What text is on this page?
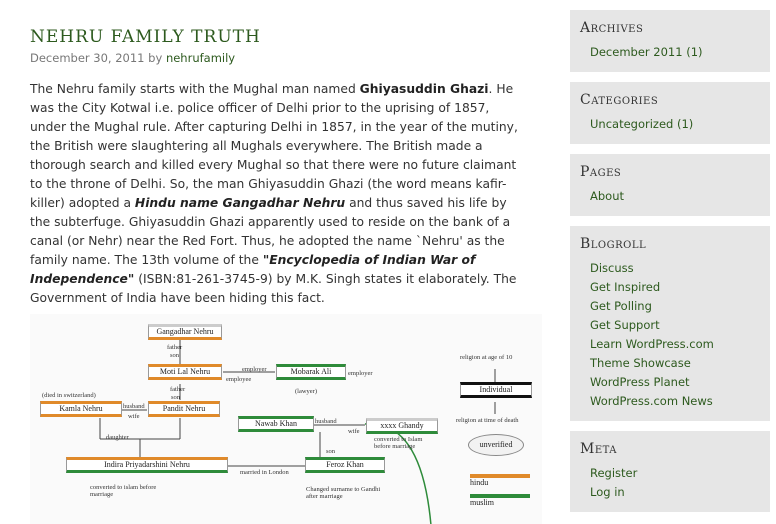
NEHRU FAMILY TRUTH
December 30, 2011 by nehrufamily
The Nehru family starts with the Mughal man named Ghiyasuddin Ghazi. He was the City Kotwal i.e. police officer of Delhi prior to the uprising of 1857, under the Mughal rule. After capturing Delhi in 1857, in the year of the mutiny, the British were slaughtering all Mughals everywhere. The British made a thorough search and killed every Mughal so that there were no future claimant to the throne of Delhi. So, the man Ghiyasuddin Ghazi (the word means kafir-killer) adopted a Hindu name Gangadhar Nehru and thus saved his life by the subterfuge. Ghiyasuddin Ghazi apparently used to reside on the bank of a canal (or Nehr) near the Red Fort. Thus, he adopted the name `Nehru' as the family name. The 13th volume of the "Encyclopedia of Indian War of Independence" (ISBN:81-261-3745-9) by M.K. Singh states it elaborately. The Government of India have been hiding this fact.
Gangadhar Nehru
father
son
Moti Lal Nehru	employer
employee
Mobarak Ali	employer
(lawyer)
father
son
(died in switzerland)
Kamla Nehru	husband
wife
Pandit Nehru
daughter
Nawab Khan	husband
wife
xxxx Ghandy
converted to Islam before marriage
son
Indira Priyadarshini Nehru
married in London
Feroz Khan
converted to islam before marriage
Changed surname to Gandhi after marriage
religion at age of 10
Individual
religion at time of death
unverified
hindu
muslim
Archives
December 2011 (1)
Categories
Uncategorized (1)
Pages
About
Blogroll
Discuss
Get Inspired
Get Polling
Get Support
Learn WordPress.com
Theme Showcase
WordPress Planet
WordPress.com News
Meta
Register
Log in
